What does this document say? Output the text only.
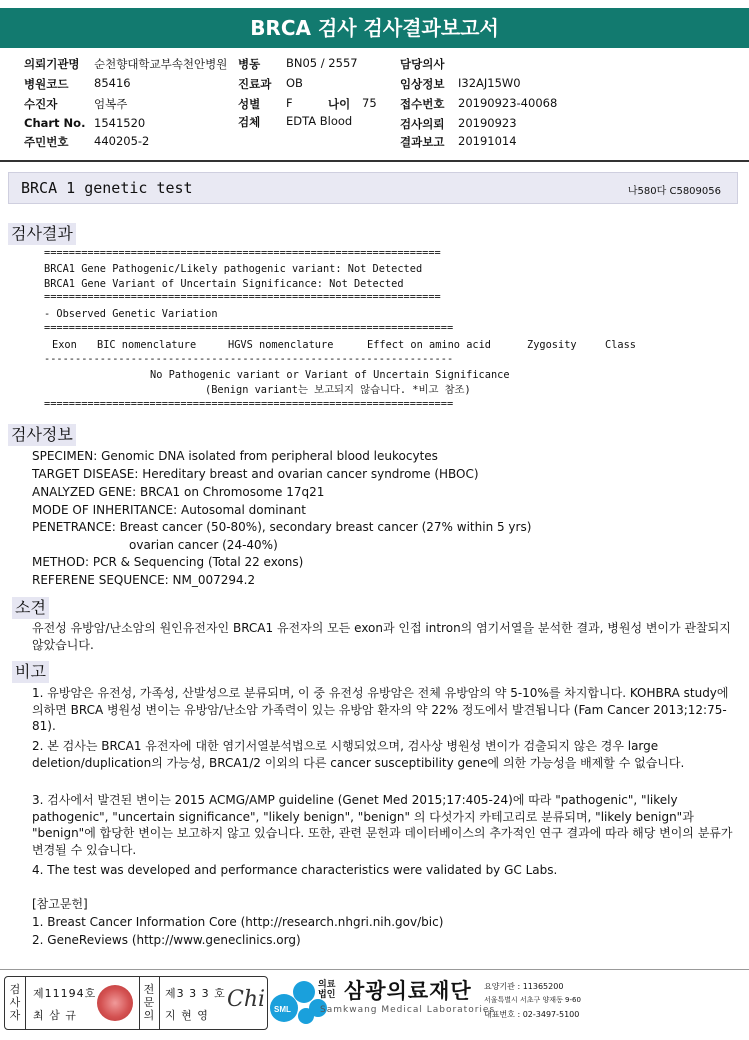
BRCA 검사 검사결과보고서
의뢰기관명 순천향대학교부속천안병원 병동 BN05 / 2557	담당의사
병원코드 85416	진료과 OB	임상정보 I32AJ15W0
수진자	엄복주	성별 F	나이 75 접수번호 20190923-40068
Chart No. 1541520	검체 EDTA Blood	검사의뢰 20190923
주민번호 440205-2	결과보고 20191014
BRCA 1 genetic test	나580다 C5809056
검사결과
================================================================
BRCA1 Gene Pathogenic/Likely pathogenic variant: Not Detected
BRCA1 Gene Variant of Uncertain Significance: Not Detected
================================================================
- Observed Genetic Variation
==================================================================
Exon BIC nomenclature	HGVS nomenclature	Effect on amino acid	Zygosity	Class
------------------------------------------------------------------
No Pathogenic variant or Variant of Uncertain Significance
(Benign variant는 보고되지 않습니다. *비고 참조)
==================================================================
검사정보
SPECIMEN: Genomic DNA isolated from peripheral blood leukocytes
TARGET DISEASE: Hereditary breast and ovarian cancer syndrome (HBOC)
ANALYZED GENE: BRCA1 on Chromosome 17q21
MODE OF INHERITANCE: Autosomal dominant
PENETRANCE: Breast cancer (50-80%), secondary breast cancer (27% within 5 yrs)
ovarian cancer (24-40%)
METHOD: PCR & Sequencing (Total 22 exons)
REFERENE SEQUENCE: NM_007294.2
소견
유전성 유방암/난소암의 원인유전자인 BRCA1 유전자의 모든 exon과 인접 intron의 염기서열을 분석한 결과, 병원성 변이가 관찰되지 않았습니다.
비고
1. 유방암은 유전성, 가족성, 산발성으로 분류되며, 이 중 유전성 유방암은 전체 유방암의 약 5-10%를 차지합니다. KOHBRA study에 의하면 BRCA 병원성 변이는 유방암/난소암 가족력이 있는 유방암 환자의 약 22% 정도에서 발견됩니다 (Fam Cancer 2013;12:75-81).
2. 본 검사는 BRCA1 유전자에 대한 염기서열분석법으로 시행되었으며, 검사상 병원성 변이가 검출되지 않은 경우 large deletion/duplication의 가능성, BRCA1/2 이외의 다른 cancer susceptibility gene에 의한 가능성을 배제할 수 없습니다.
3. 검사에서 발견된 변이는 2015 ACMG/AMP guideline (Genet Med 2015;17:405-24)에 따라 "pathogenic", "likely pathogenic", "uncertain significance", "likely benign", "benign" 의 다섯가지 카테고리로 분류되며, "likely benign"과 "benign"에 합당한 변이는 보고하지 않고 있습니다. 또한, 관련 문헌과 데이터베이스의 추가적인 연구 결과에 따라 해당 변이의 분류가 변경될 수 있습니다.
4. The test was developed and performance characteristics were validated by GC Labs.
[참고문헌]
1. Breast Cancer Information Core (http://research.nhgri.nih.gov/bic)
2. GeneReviews (http://www.geneclinics.org)
검사자
제11194호
최 삼 규
전문의
제3 3 3 호
지 현 영
Chi SML
의료법인 삼광의료재단
Samkwang Medical Laboratories
요양기관 : 11365200
서울특별시 서초구 양재동 9-60
대표번호 : 02-3497-5100
